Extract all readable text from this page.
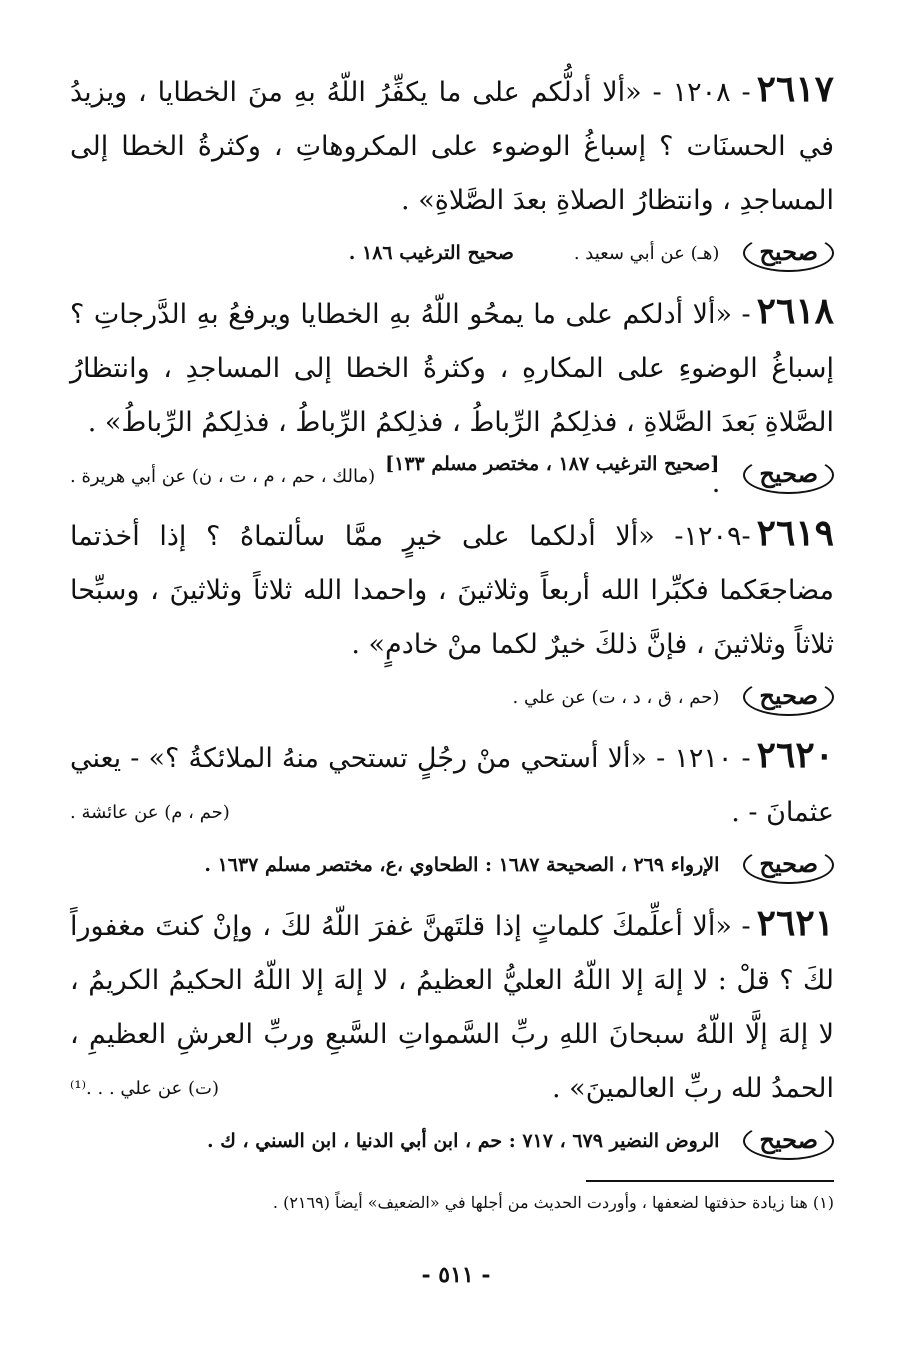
٢٦١٧- ١٢٠٨ - «ألا أدلُّكم على ما يكفِّرُ اللّهُ بهِ منَ الخطايا ، ويزيدُ في الحسنَات ؟ إسباغُ الوضوء على المكروهاتِ ، وكثرةُ الخطا إلى المساجدِ ، وانتظارُ الصلاةِ بعدَ الصَّلاةِ» .
صحيح
(هـ) عن أبي سعيد .
صحيح الترغيب ١٨٦ .
٢٦١٨- «ألا أدلكم على ما يمحُو اللّهُ بهِ الخطايا ويرفعُ بهِ الدَّرجاتِ ؟ إسباغُ الوضوءِ على المكارهِ ، وكثرةُ الخطا إلى المساجدِ ، وانتظارُ الصَّلاةِ بَعدَ الصَّلاةِ ، فذلِكمُ الرِّباطُ ، فذلِكمُ الرِّباطُ ، فذلِكمُ الرِّباطُ» .
(مالك ، حم ، م ، ت ، ن) عن أبي هريرة .	صحيح
[صحيح الترغيب ١٨٧ ، مختصر مسلم ١٣٣] .
٢٦١٩-١٢٠٩- «ألا أدلكما على خيرٍ ممَّا سألتماهُ ؟ إذا أخذتما مضاجعَكما فكبِّرا الله أربعاً وثلاثينَ ، واحمدا الله ثلاثاً وثلاثينَ ، وسبِّحا ثلاثاً وثلاثينَ ، فإنَّ ذلكَ خيرٌ لكما منْ خادمٍ» .
صحيح
(حم ، ق ، د ، ت) عن علي .
٢٦٢٠- ١٢١٠ - «ألا أستحي منْ رجُلٍ تستحي منهُ الملائكةُ ؟» - يعني عثمانَ - .
(حم ، م) عن عائشة .
صحيح
الإرواء ٢٦٩ ، الصحيحة ١٦٨٧ : الطحاوي ،ع، مختصر مسلم ١٦٣٧ .
٢٦٢١- «ألا أعلِّمكَ كلماتٍ إذا قلتَهنَّ غفرَ اللّهُ لكَ ، وإنْ كنتَ مغفوراً لكَ ؟ قلْ : لا إلهَ إلا اللّهُ العليُّ العظيمُ ، لا إلهَ إلا اللّهُ الحكيمُ الكريمُ ، لا إلهَ إلَّا اللّهُ سبحانَ اللهِ ربِّ السَّمواتِ السَّبعِ وربِّ العرشِ العظيمِ ، الحمدُ لله ربِّ العالمينَ» .
(ت) عن علي . . .⁽¹⁾
صحيح
الروض النضير ٦٧٩ ، ٧١٧ : حم ، ابن أبي الدنيا ، ابن السني ، ك .
(١) هنا زيادة حذفتها لضعفها ، وأوردت الحديث من أجلها في «الضعيف» أيضاً (٢١٦٩) .
- ٥١١ -
